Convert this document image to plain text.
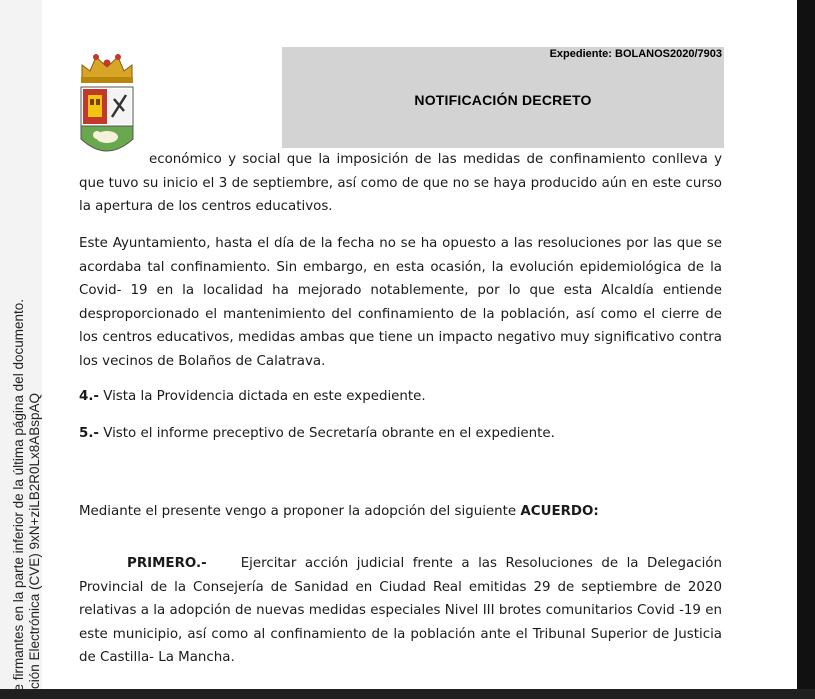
de firmantes en la parte inferior de la última página del documento. ción Electrónica (CVE) 9xN+ziLB2R0Lx8ABspAQ
Expediente: BOLANOS2020/7903
NOTIFICACIÓN DECRETO
económico y social que la imposición de las medidas de confinamiento conlleva y
que tuvo su inicio el 3 de septiembre, así como de que no se haya producido aún en este curso
la apertura de los centros educativos.
Este Ayuntamiento, hasta el día de la fecha no se ha opuesto a las resoluciones por las que se
acordaba tal confinamiento. Sin embargo, en esta ocasión, la evolución epidemiológica de la
Covid- 19 en la localidad ha mejorado notablemente, por lo que esta Alcaldía entiende
desproporcionado el mantenimiento del confinamiento de la población, así como el cierre de
los centros educativos, medidas ambas que tiene un impacto negativo muy significativo contra
los vecinos de Bolaños de Calatrava.
4.- Vista la Providencia dictada en este expediente.
5.- Visto el informe preceptivo de Secretaría obrante en el expediente.
Mediante el presente vengo a proponer la adopción del siguiente ACUERDO:
PRIMERO.-	Ejercitar acción judicial frente a las Resoluciones de la Delegación
Provincial de la Consejería de Sanidad en Ciudad Real emitidas 29 de septiembre de 2020
relativas a la adopción de nuevas medidas especiales Nivel III brotes comunitarios Covid -19 en
este municipio, así como al confinamiento de la población ante el Tribunal Superior de Justicia
de Castilla- La Mancha.
